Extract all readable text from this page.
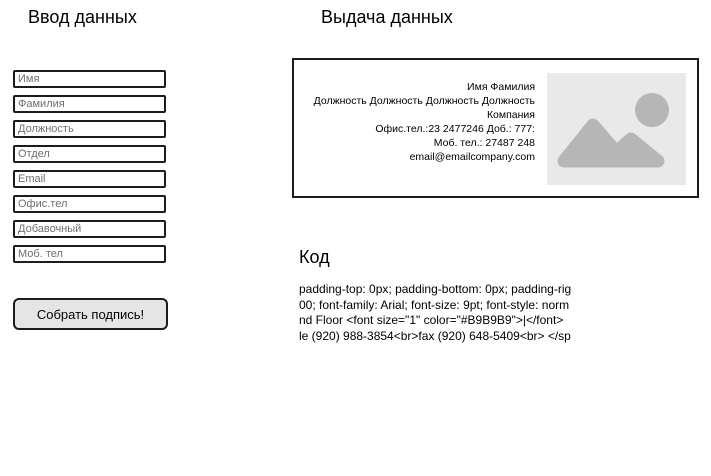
Ввод данных
Имя
Фамилия
Должность
Отдел
Email
Офис.тел
Добавочный
Моб. тел
Собрать подпись!
Выдача данных
Имя Фамилия
Должность Должность Должность Должность
Компания
Офис.тел.:23 2477246 Доб.: 777:
Моб. тел.: 27487 248
email@emailcompany.com
Код
padding-top: 0px; padding-bottom: 0px; padding-rig
00; font-family: Arial; font-size: 9pt; font-style: norm
nd Floor <font size="1" color="#B9B9B9">|</font>
le (920) 988-3854<br>fax (920) 648-5409<br> </sp
